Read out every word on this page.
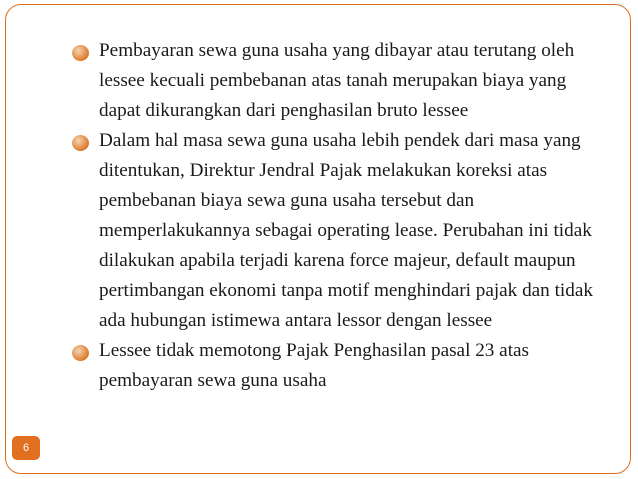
Pembayaran sewa guna usaha yang dibayar atau terutang oleh lessee kecuali pembebanan atas tanah merupakan biaya yang dapat dikurangkan dari penghasilan bruto lessee
Dalam hal masa sewa guna usaha lebih pendek dari masa yang ditentukan, Direktur Jendral Pajak melakukan koreksi atas pembebanan biaya sewa guna usaha tersebut dan memperlakukannya sebagai operating lease. Perubahan ini tidak dilakukan apabila terjadi karena force majeur, default maupun pertimbangan ekonomi tanpa motif menghindari pajak dan tidak ada hubungan istimewa antara lessor dengan lessee
Lessee tidak memotong Pajak Penghasilan pasal 23 atas pembayaran sewa guna usaha
6
